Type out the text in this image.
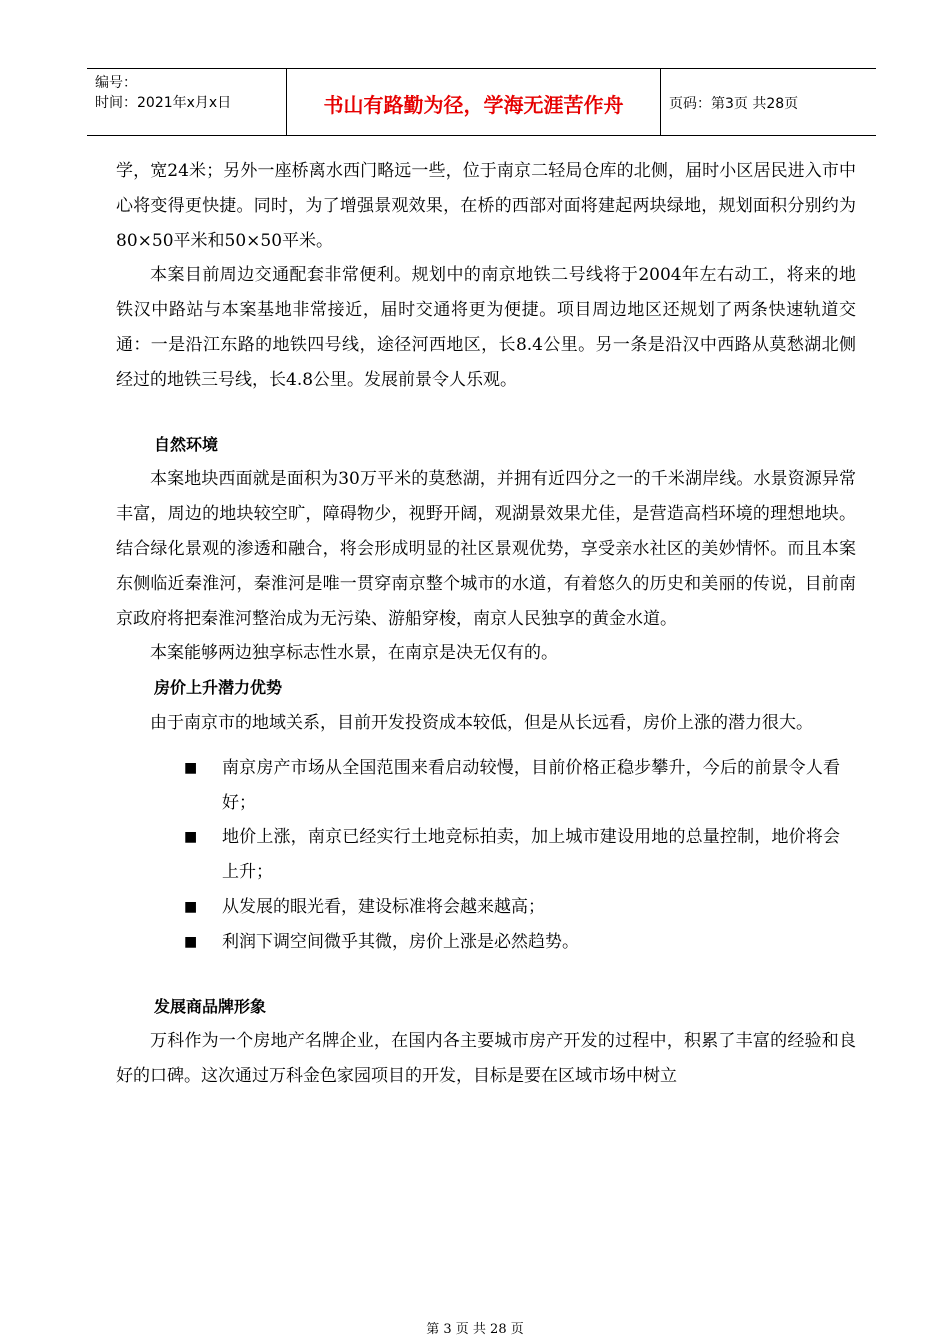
编号：
时间：2021年x月x日	书山有路勤为径，学海无涯苦作舟	页码：第3页 共28页

学，宽24米；另外一座桥离水西门略远一些，位于南京二轻局仓库的北侧，届时小区居民进入市中心将变得更快捷。同时，为了增强景观效果，在桥的西部对面将建起两块绿地，规划面积分别约为80×50平米和50×50平米。

本案目前周边交通配套非常便利。规划中的南京地铁二号线将于2004年左右动工，将来的地铁汉中路站与本案基地非常接近，届时交通将更为便捷。项目周边地区还规划了两条快速轨道交通：一是沿江东路的地铁四号线，途径河西地区，长8.4公里。另一条是沿汉中西路从莫愁湖北侧经过的地铁三号线，长4.8公里。发展前景令人乐观。

自然环境

本案地块西面就是面积为30万平米的莫愁湖，并拥有近四分之一的千米湖岸线。水景资源异常丰富，周边的地块较空旷，障碍物少，视野开阔，观湖景效果尤佳，是营造高档环境的理想地块。结合绿化景观的渗透和融合，将会形成明显的社区景观优势，享受亲水社区的美妙情怀。而且本案东侧临近秦淮河，秦淮河是唯一贯穿南京整个城市的水道，有着悠久的历史和美丽的传说，目前南京政府将把秦淮河整治成为无污染、游船穿梭，南京人民独享的黄金水道。

本案能够两边独享标志性水景，在南京是决无仅有的。

房价上升潜力优势

由于南京市的地域关系，目前开发投资成本较低，但是从长远看，房价上涨的潜力很大。

■ 南京房产市场从全国范围来看启动较慢，目前价格正稳步攀升，今后的前景令人看好；
■ 地价上涨，南京已经实行土地竞标拍卖，加上城市建设用地的总量控制，地价将会上升；
■ 从发展的眼光看，建设标准将会越来越高；
■ 利润下调空间微乎其微，房价上涨是必然趋势。

发展商品牌形象

万科作为一个房地产名牌企业，在国内各主要城市房产开发的过程中，积累了丰富的经验和良好的口碑。这次通过万科金色家园项目的开发，目标是要在区域市场中树立

第 3 页 共 28 页
